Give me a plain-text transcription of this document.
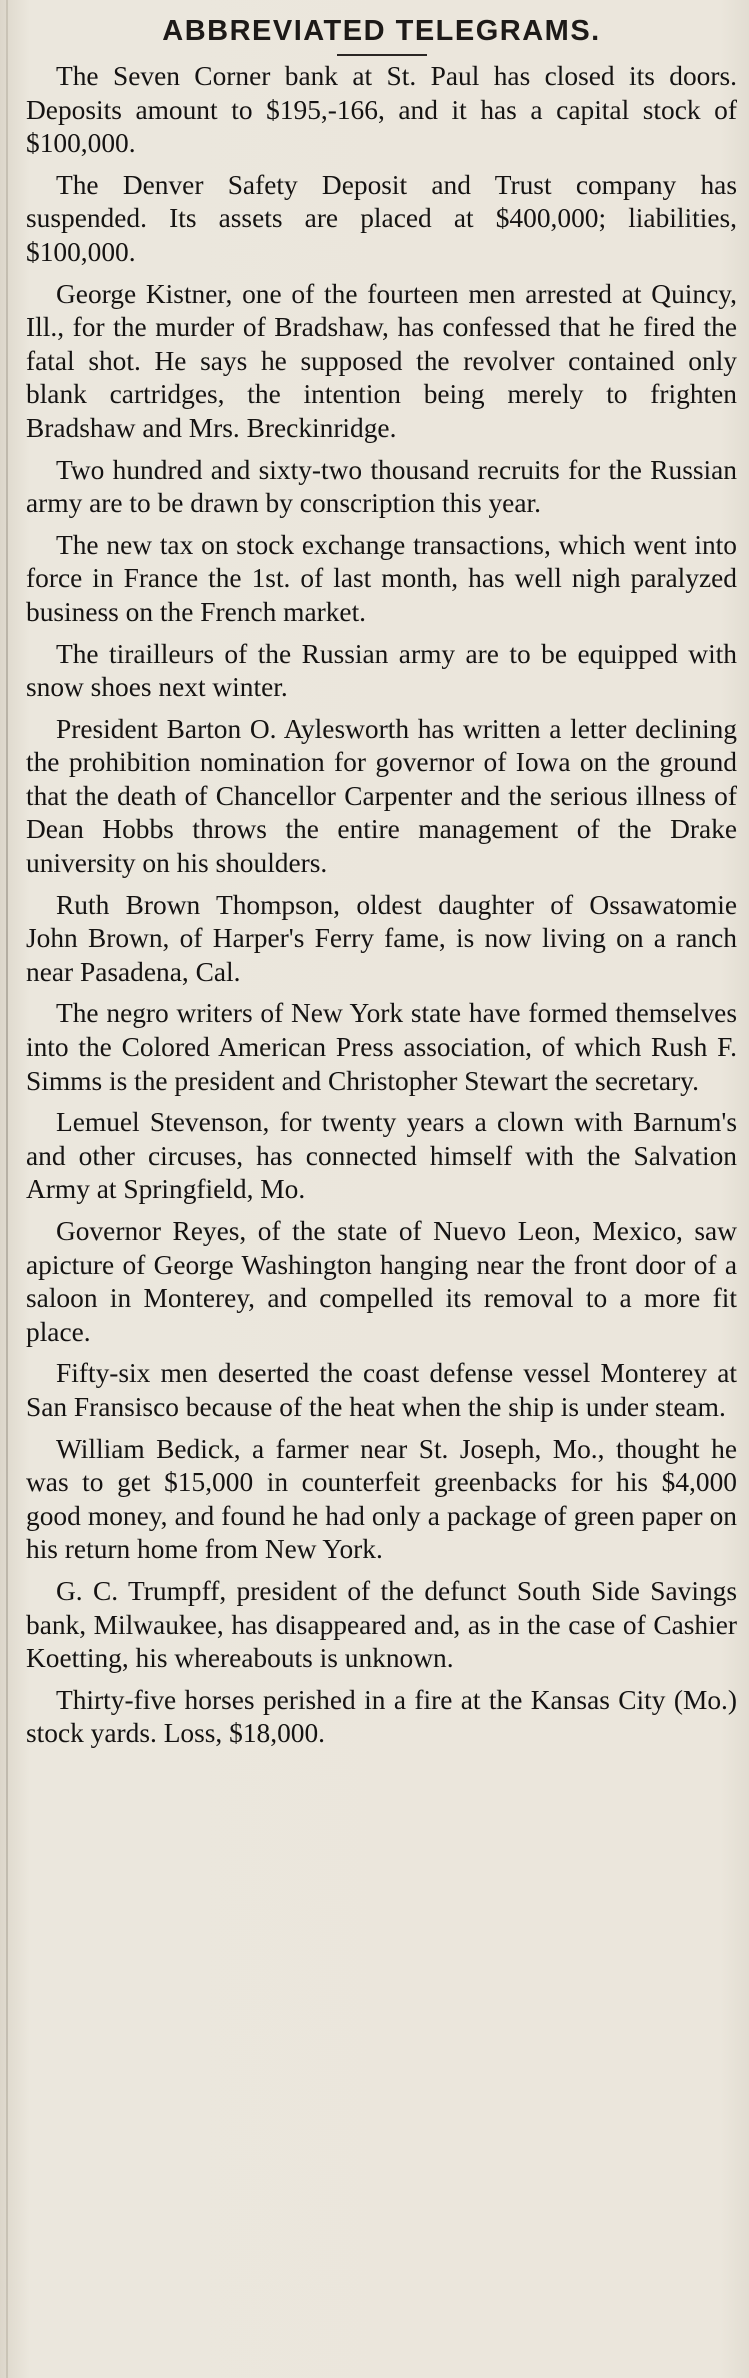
ABBREVIATED TELEGRAMS.

The Seven Corner bank at St. Paul has closed its doors. Deposits amount to $195,-166, and it has a capital stock of $100,000.

The Denver Safety Deposit and Trust company has suspended. Its assets are placed at $400,000; liabilities, $100,000.

George Kistner, one of the fourteen men arrested at Quincy, Ill., for the murder of Bradshaw, has confessed that he fired the fatal shot. He says he supposed the revolver contained only blank cartridges, the intention being merely to frighten Bradshaw and Mrs. Breckinridge.

Two hundred and sixty-two thousand recruits for the Russian army are to be drawn by conscription this year.

The new tax on stock exchange transactions, which went into force in France the 1st. of last month, has well nigh paralyzed business on the French market.

The tirailleurs of the Russian army are to be equipped with snow shoes next winter.

President Barton O. Aylesworth has written a letter declining the prohibition nomination for governor of Iowa on the ground that the death of Chancellor Carpenter and the serious illness of Dean Hobbs throws the entire management of the Drake university on his shoulders.

Ruth Brown Thompson, oldest daughter of Ossawatomie John Brown, of Harper's Ferry fame, is now living on a ranch near Pasadena, Cal.

The negro writers of New York state have formed themselves into the Colored American Press association, of which Rush F. Simms is the president and Christopher Stewart the secretary.

Lemuel Stevenson, for twenty years a clown with Barnum's and other circuses, has connected himself with the Salvation Army at Springfield, Mo.

Governor Reyes, of the state of Nuevo Leon, Mexico, saw apicture of George Washington hanging near the front door of a saloon in Monterey, and compelled its removal to a more fit place.

Fifty-six men deserted the coast defense vessel Monterey at San Fransisco because of the heat when the ship is under steam.

William Bedick, a farmer near St. Joseph, Mo., thought he was to get $15,000 in counterfeit greenbacks for his $4,000 good money, and found he had only a package of green paper on his return home from New York.

G. C. Trumpff, president of the defunct South Side Savings bank, Milwaukee, has disappeared and, as in the case of Cashier Koetting, his whereabouts is unknown.

Thirty-five horses perished in a fire at the Kansas City (Mo.) stock yards. Loss, $18,000.
